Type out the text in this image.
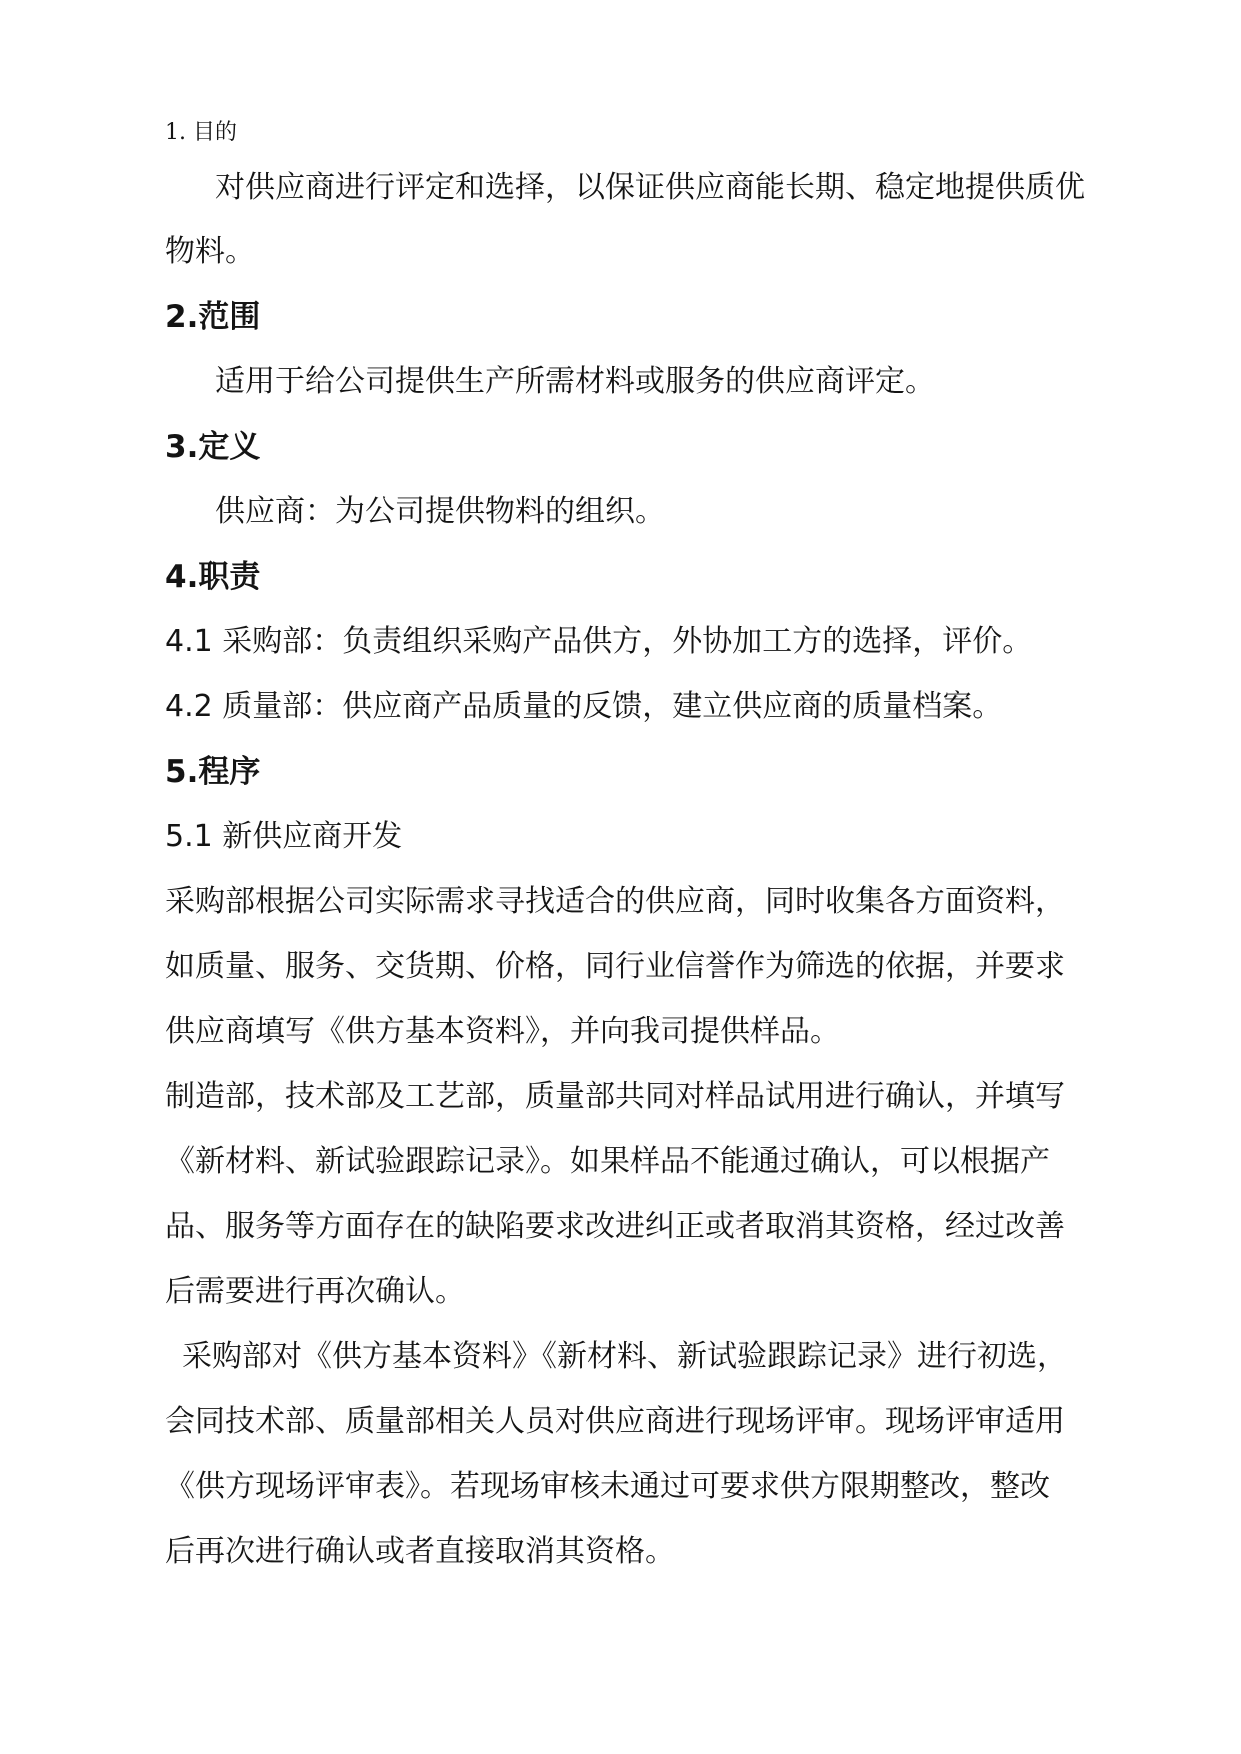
1. 目的
对供应商进行评定和选择，以保证供应商能长期、稳定地提供质优
物料。
2.范围
适用于给公司提供生产所需材料或服务的供应商评定。
3.定义
供应商：为公司提供物料的组织。
4.职责
4.1 采购部：负责组织采购产品供方，外协加工方的选择，评价。
4.2 质量部：供应商产品质量的反馈，建立供应商的质量档案。
5.程序
5.1 新供应商开发
采购部根据公司实际需求寻找适合的供应商，同时收集各方面资料，
如质量、服务、交货期、价格，同行业信誉作为筛选的依据，并要求
供应商填写《供方基本资料》，并向我司提供样品。
制造部，技术部及工艺部，质量部共同对样品试用进行确认，并填写
《新材料、新试验跟踪记录》。如果样品不能通过确认，可以根据产
品、服务等方面存在的缺陷要求改进纠正或者取消其资格，经过改善
后需要进行再次确认。
采购部对《供方基本资料》《新材料、新试验跟踪记录》进行初选，
会同技术部、质量部相关人员对供应商进行现场评审。现场评审适用
《供方现场评审表》。若现场审核未通过可要求供方限期整改，整改
后再次进行确认或者直接取消其资格。
